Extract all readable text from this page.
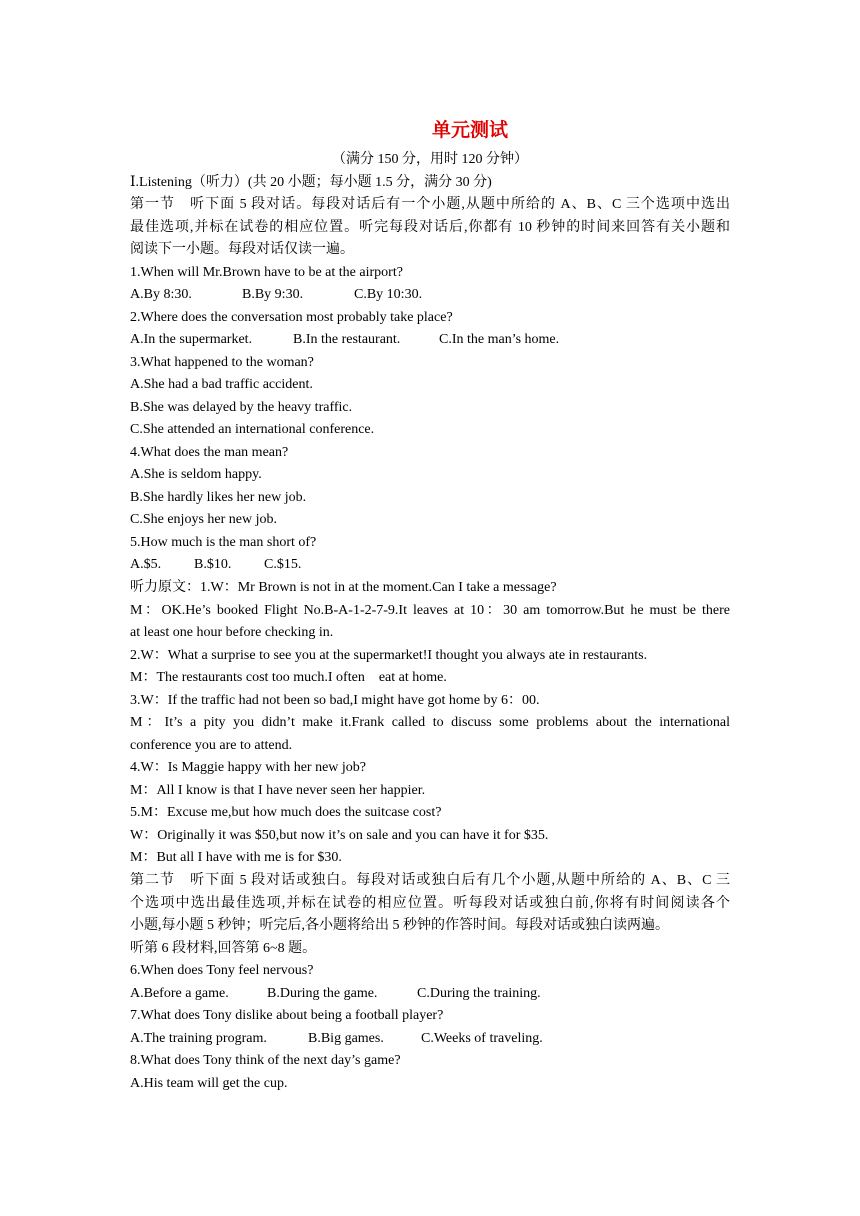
单元测试
（满分 150 分，用时 120 分钟）
Ⅰ.Listening（听力）(共 20 小题；每小题 1.5 分，满分 30 分)
第一节　听下面 5 段对话。每段对话后有一个小题,从题中所给的 A、B、C 三个选项中选出
最佳选项,并标在试卷的相应位置。听完每段对话后,你都有 10 秒钟的时间来回答有关小题和
阅读下一小题。每段对话仅读一遍。
1.When will Mr.Brown have to be at the airport?
A.By 8:30.	B.By 9:30.	C.By 10:30.
2.Where does the conversation most probably take place?
A.In the supermarket.	B.In the restaurant.	C.In the man’s home.
3.What happened to the woman?
A.She had a bad traffic accident.
B.She was delayed by the heavy traffic.
C.She attended an international conference.
4.What does the man mean?
A.She is seldom happy.
B.She hardly likes her new job.
C.She enjoys her new job.
5.How much is the man short of?
A.$5. B.$10. C.$15.
听力原文：1.W：Mr Brown is not in at the moment.Can I take a message?
M：OK.He’s booked Flight No.B-A-1-2-7-9.It leaves at 10：30 am tomorrow.But he must be there
at least one hour before checking in.
2.W：What a surprise to see you at the supermarket!I thought you always ate in restaurants.
M：The restaurants cost too much.I often　eat at home.
3.W：If the traffic had not been so bad,I might have got home by 6：00.
M：It’s a pity you didn’t make it.Frank called to discuss some problems about the international
conference you are to attend.
4.W：Is Maggie happy with her new job?
M：All I know is that I have never seen her happier.
5.M：Excuse me,but how much does the suitcase cost?
W：Originally it was $50,but now it’s on sale and you can have it for $35.
M：But all I have with me is for $30.
第二节　听下面 5 段对话或独白。每段对话或独白后有几个小题,从题中所给的 A、B、C 三
个选项中选出最佳选项,并标在试卷的相应位置。听每段对话或独白前,你将有时间阅读各个
小题,每小题 5 秒钟；听完后,各小题将给出 5 秒钟的作答时间。每段对话或独白读两遍。
听第 6 段材料,回答第 6~8 题。
6.When does Tony feel nervous?
A.Before a game.	B.During the game.	C.During the training.
7.What does Tony dislike about being a football player?
A.The training program.	B.Big games.	C.Weeks of traveling.
8.What does Tony think of the next day’s game?
A.His team will get the cup.
